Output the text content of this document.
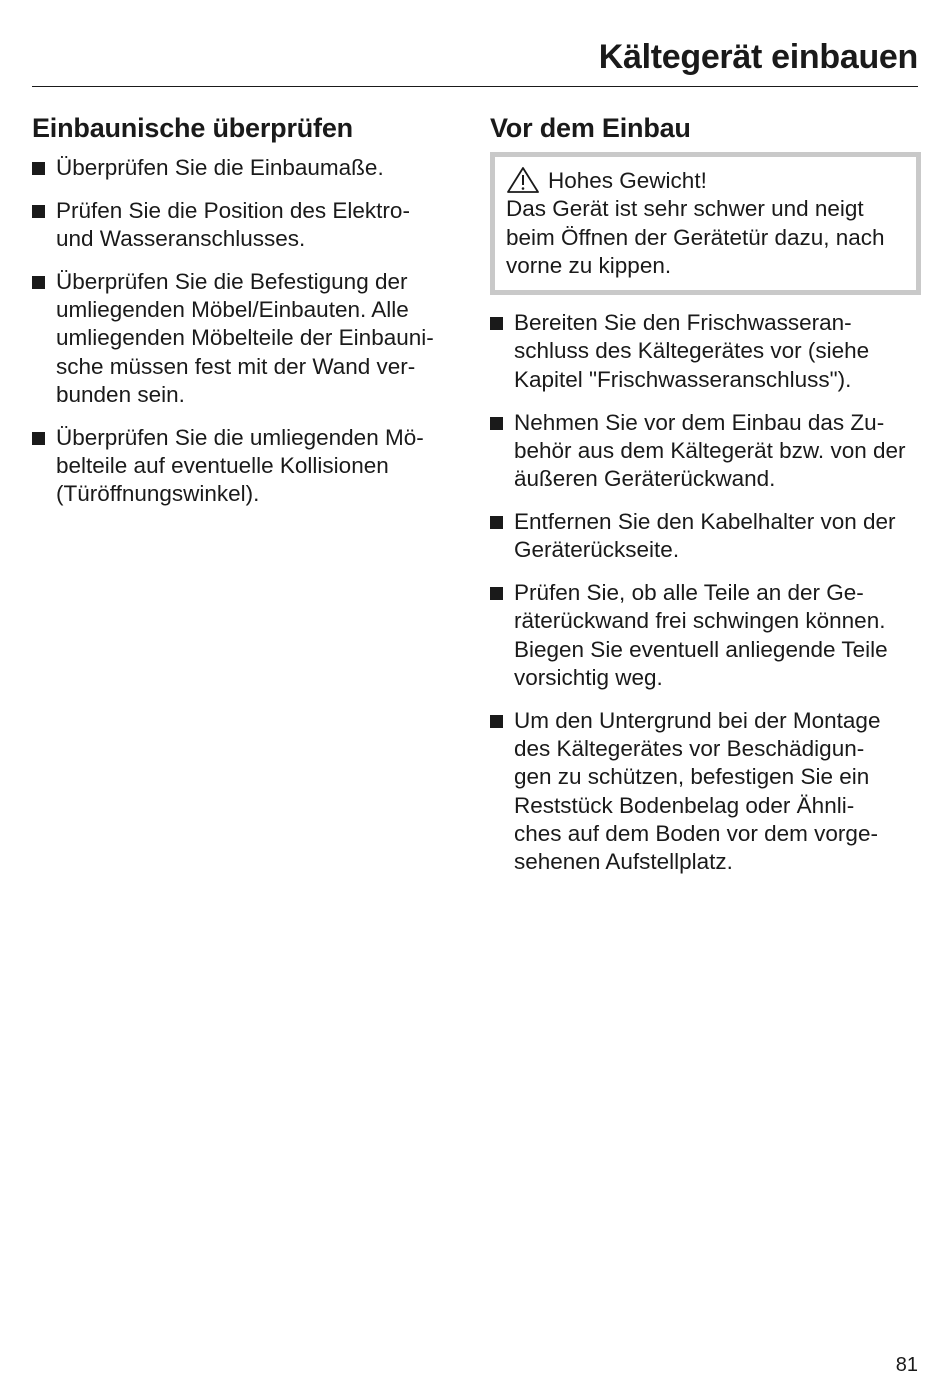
Kältegerät einbauen
Einbaunische überprüfen
Überprüfen Sie die Einbaumaße.
Prüfen Sie die Position des Elektro-
und Wasseranschlusses.
Überprüfen Sie die Befestigung der umliegenden Möbel/Einbauten. Alle umliegenden Möbelteile der Einbauni-
sche müssen fest mit der Wand ver-
bunden sein.
Überprüfen Sie die umliegenden Mö-
belteile auf eventuelle Kollisionen (Türöffnungswinkel).
Vor dem Einbau
Hohes Gewicht!
Das Gerät ist sehr schwer und neigt beim Öffnen der Gerätetür dazu, nach vorne zu kippen.
Bereiten Sie den Frischwasseran-
schluss des Kältegerätes vor (siehe Kapitel "Frischwasseranschluss").
Nehmen Sie vor dem Einbau das Zu-
behör aus dem Kältegerät bzw. von der äußeren Geräterückwand.
Entfernen Sie den Kabelhalter von der Geräterückseite.
Prüfen Sie, ob alle Teile an der Ge-
räterückwand frei schwingen können. Biegen Sie eventuell anliegende Teile vorsichtig weg.
Um den Untergrund bei der Montage des Kältegerätes vor Beschädigun-
gen zu schützen, befestigen Sie ein Reststück Bodenbelag oder Ähnli-
ches auf dem Boden vor dem vorge-
sehenen Aufstellplatz.
81
